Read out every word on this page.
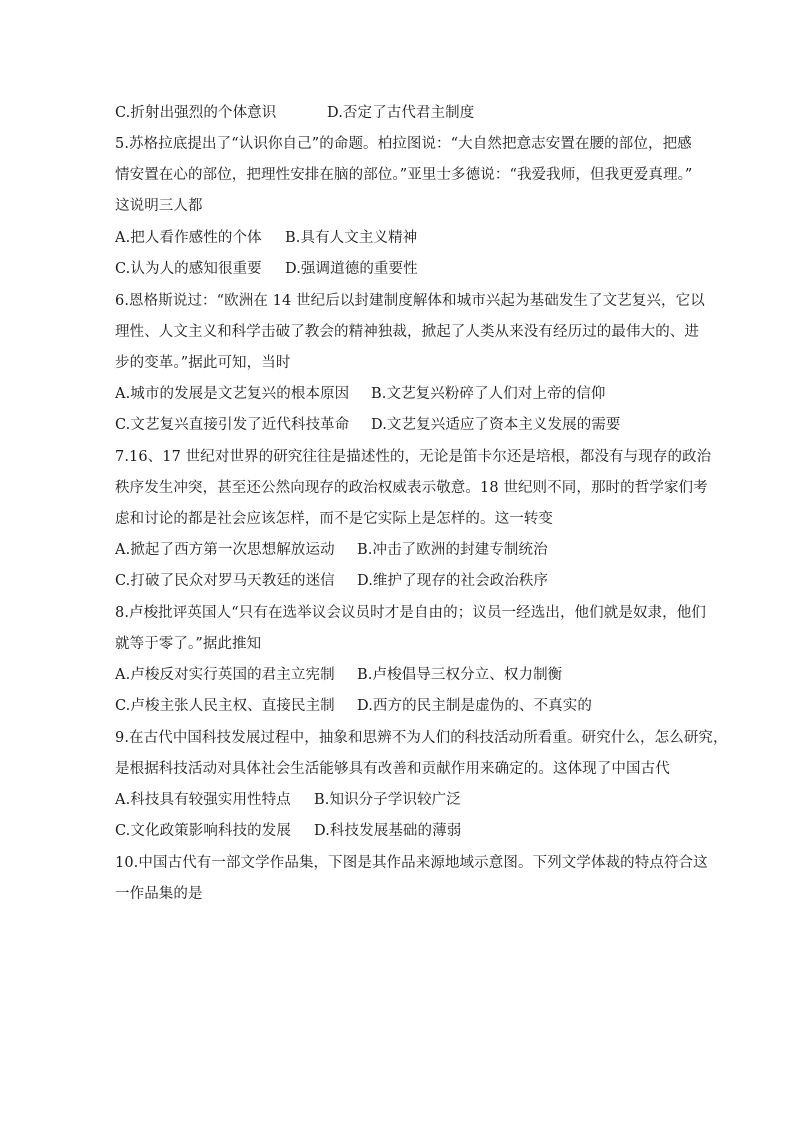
C.折射出强烈的个体意识	D.否定了古代君主制度
5.苏格拉底提出了“认识你自己”的命题。柏拉图说：“大自然把意志安置在腰的部位，把感
情安置在心的部位，把理性安排在脑的部位。”亚里士多德说：“我爱我师，但我更爱真理。”
这说明三人都
A.把人看作感性的个体 B.具有人文主义精神
C.认为人的感知很重要 D.强调道德的重要性
6.恩格斯说过：“欧洲在 14 世纪后以封建制度解体和城市兴起为基础发生了文艺复兴，它以
理性、人文主义和科学击破了教会的精神独裁，掀起了人类从来没有经历过的最伟大的、进
步的变革。”据此可知，当时
A.城市的发展是文艺复兴的根本原因 B.文艺复兴粉碎了人们对上帝的信仰
C.文艺复兴直接引发了近代科技革命 D.文艺复兴适应了资本主义发展的需要
7.16、17 世纪对世界的研究往往是描述性的，无论是笛卡尔还是培根，都没有与现存的政治
秩序发生冲突，甚至还公然向现存的政治权威表示敬意。18 世纪则不同，那时的哲学家们考
虑和讨论的都是社会应该怎样，而不是它实际上是怎样的。这一转变
A.掀起了西方第一次思想解放运动 B.冲击了欧洲的封建专制统治
C.打破了民众对罗马天教廷的迷信 D.维护了现存的社会政治秩序
8.卢梭批评英国人“只有在选举议会议员时才是自由的；议员一经选出，他们就是奴隶，他们
就等于零了。”据此推知
A.卢梭反对实行英国的君主立宪制 B.卢梭倡导三权分立、权力制衡
C.卢梭主张人民主权、直接民主制 D.西方的民主制是虚伪的、不真实的
9.在古代中国科技发展过程中，抽象和思辨不为人们的科技活动所看重。研究什么，怎么研究，
是根据科技活动对具体社会生活能够具有改善和贡献作用来确定的。这体现了中国古代
A.科技具有较强实用性特点 B.知识分子学识较广泛
C.文化政策影响科技的发展 D.科技发展基础的薄弱
10.中国古代有一部文学作品集，下图是其作品来源地域示意图。下列文学体裁的特点符合这
一作品集的是
